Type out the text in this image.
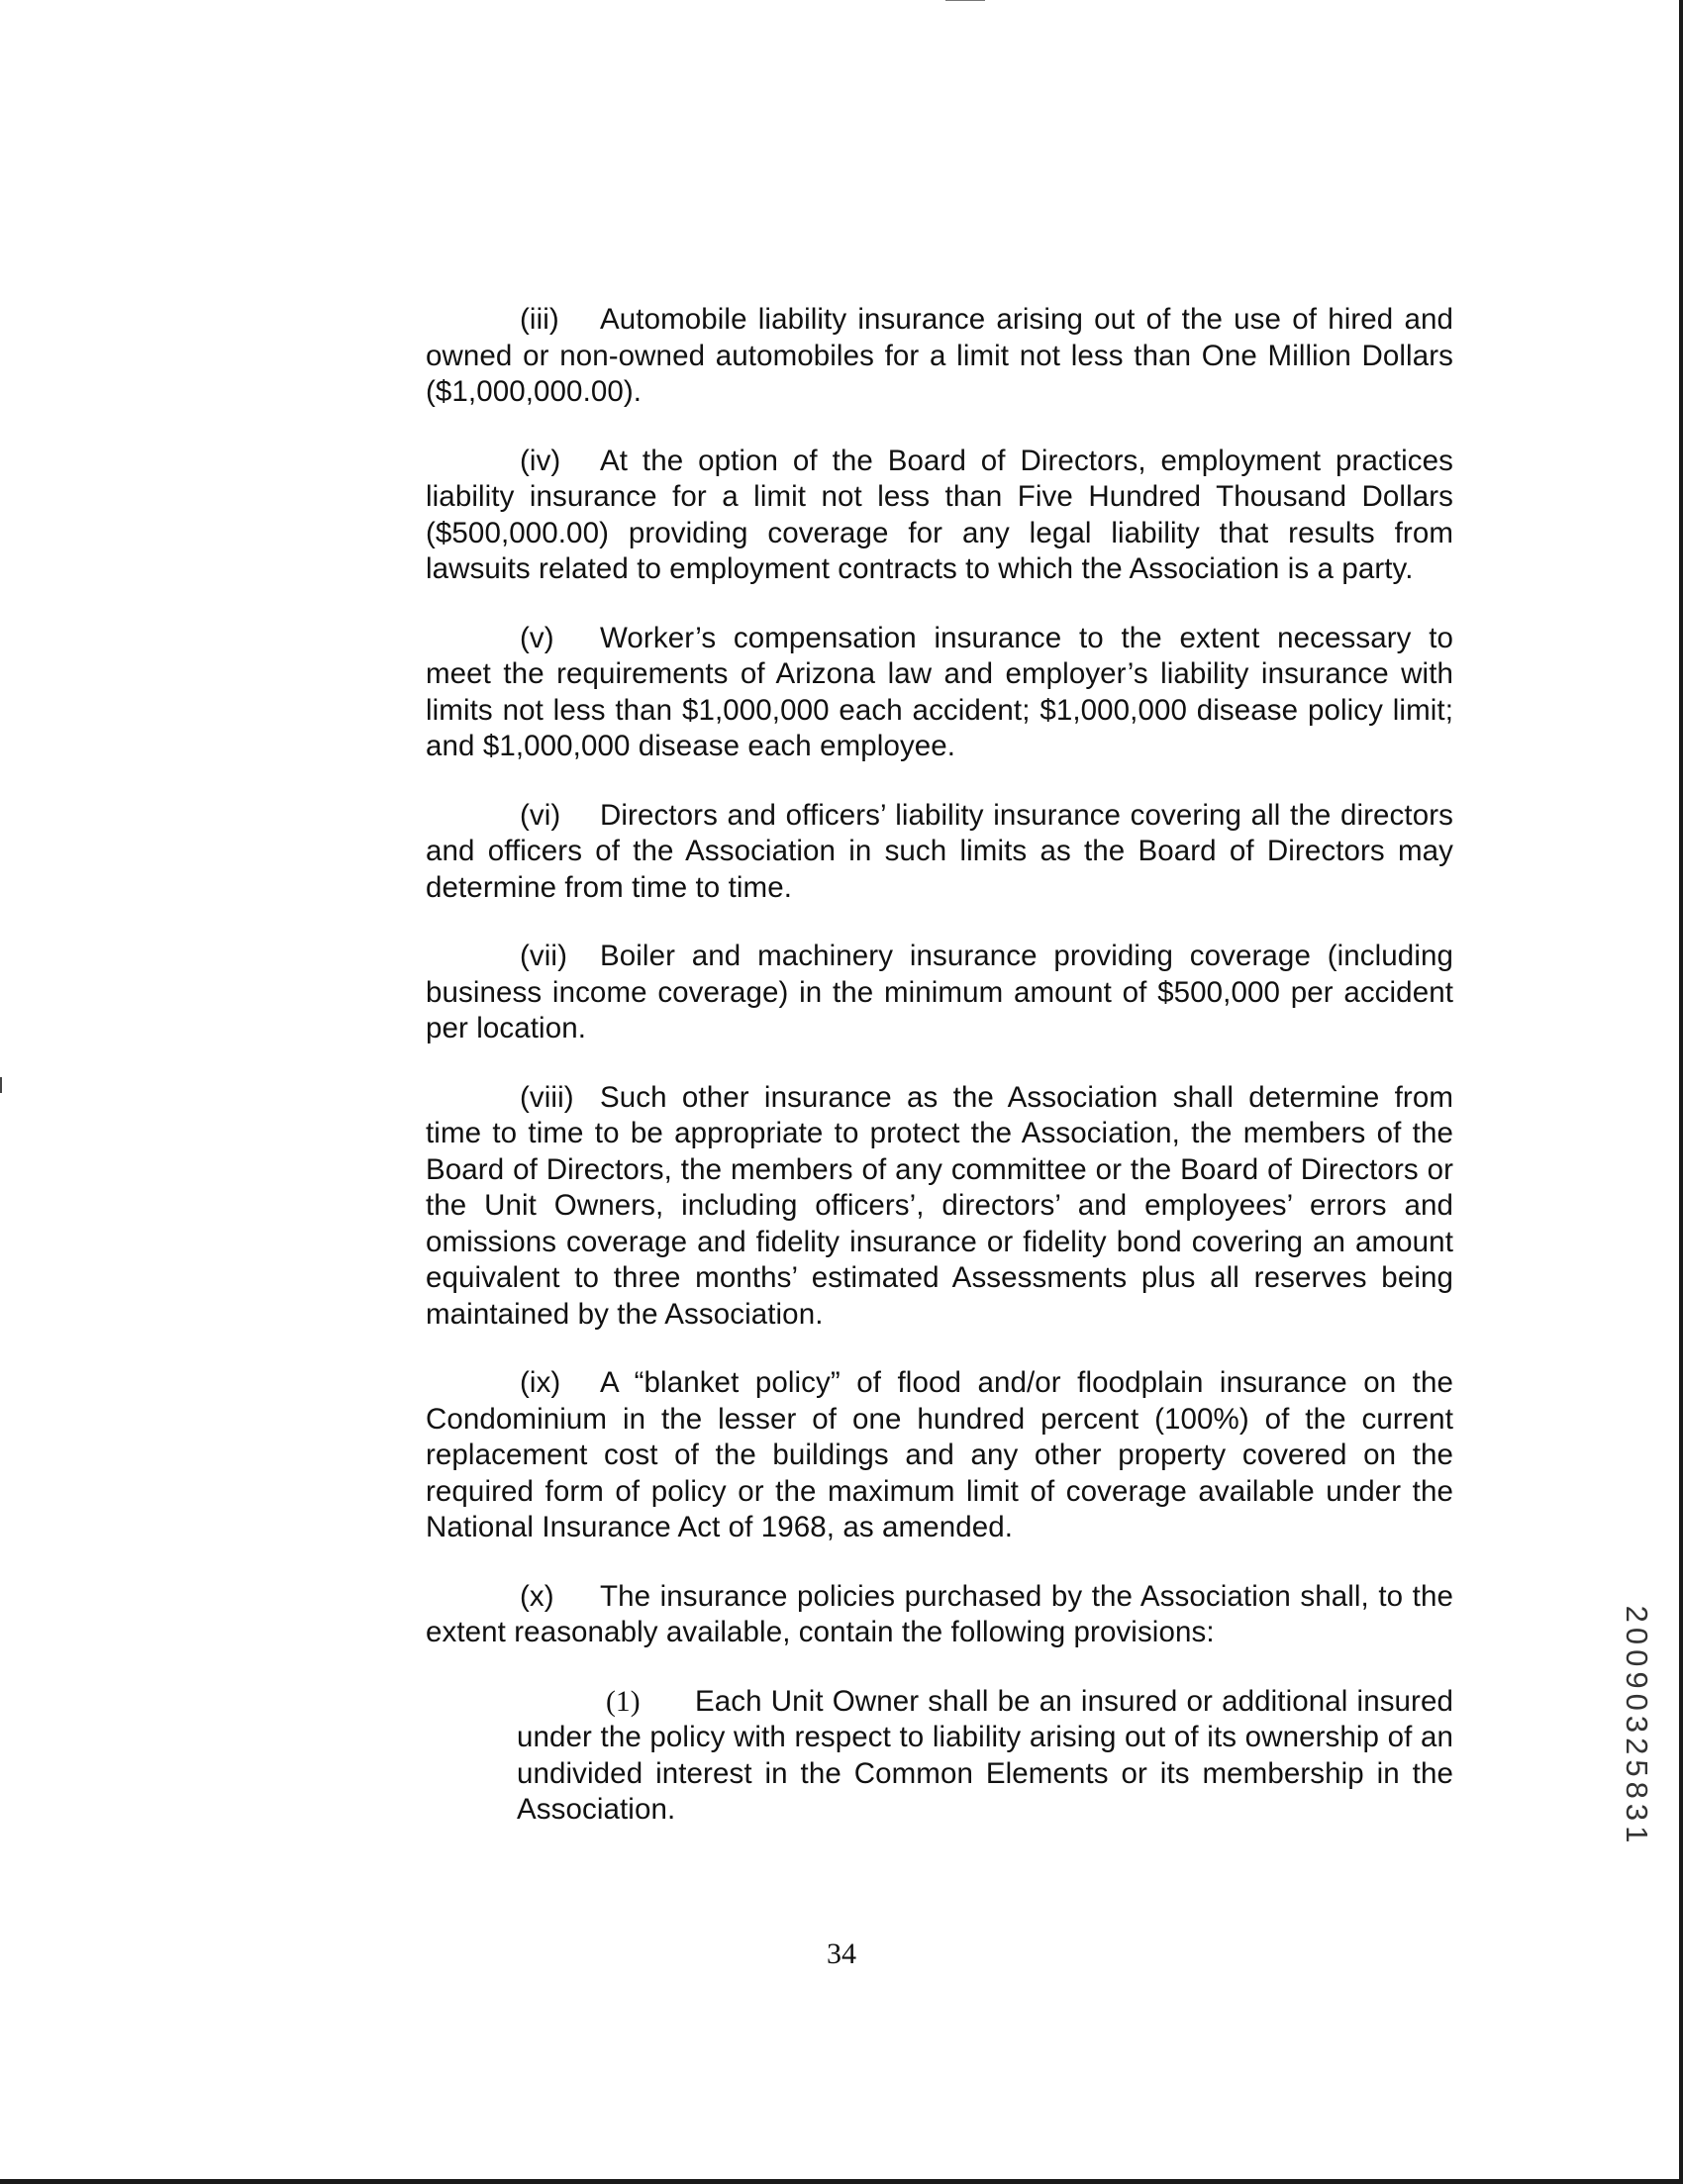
(iii) Automobile liability insurance arising out of the use of hired and owned or non-owned automobiles for a limit not less than One Million Dollars ($1,000,000.00).

(iv) At the option of the Board of Directors, employment practices liability insurance for a limit not less than Five Hundred Thousand Dollars ($500,000.00) providing coverage for any legal liability that results from lawsuits related to employment contracts to which the Association is a party.

(v) Worker’s compensation insurance to the extent necessary to meet the requirements of Arizona law and employer’s liability insurance with limits not less than $1,000,000 each accident; $1,000,000 disease policy limit; and $1,000,000 disease each employee.

(vi) Directors and officers’ liability insurance covering all the directors and officers of the Association in such limits as the Board of Directors may determine from time to time.

(vii) Boiler and machinery insurance providing coverage (including business income coverage) in the minimum amount of $500,000 per accident per location.

(viii) Such other insurance as the Association shall determine from time to time to be appropriate to protect the Association, the members of the Board of Directors, the members of any committee or the Board of Directors or the Unit Owners, including officers’, directors’ and employees’ errors and omissions coverage and fidelity insurance or fidelity bond covering an amount equivalent to three months’ estimated Assessments plus all reserves being maintained by the Association.

(ix) A “blanket policy” of flood and/or floodplain insurance on the Condominium in the lesser of one hundred percent (100%) of the current replacement cost of the buildings and any other property covered on the required form of policy or the maximum limit of coverage available under the National Insurance Act of 1968, as amended.

(x) The insurance policies purchased by the Association shall, to the extent reasonably available, contain the following provisions:

(1) Each Unit Owner shall be an insured or additional insured under the policy with respect to liability arising out of its ownership of an undivided interest in the Common Elements or its membership in the Association.

34
20090325831
